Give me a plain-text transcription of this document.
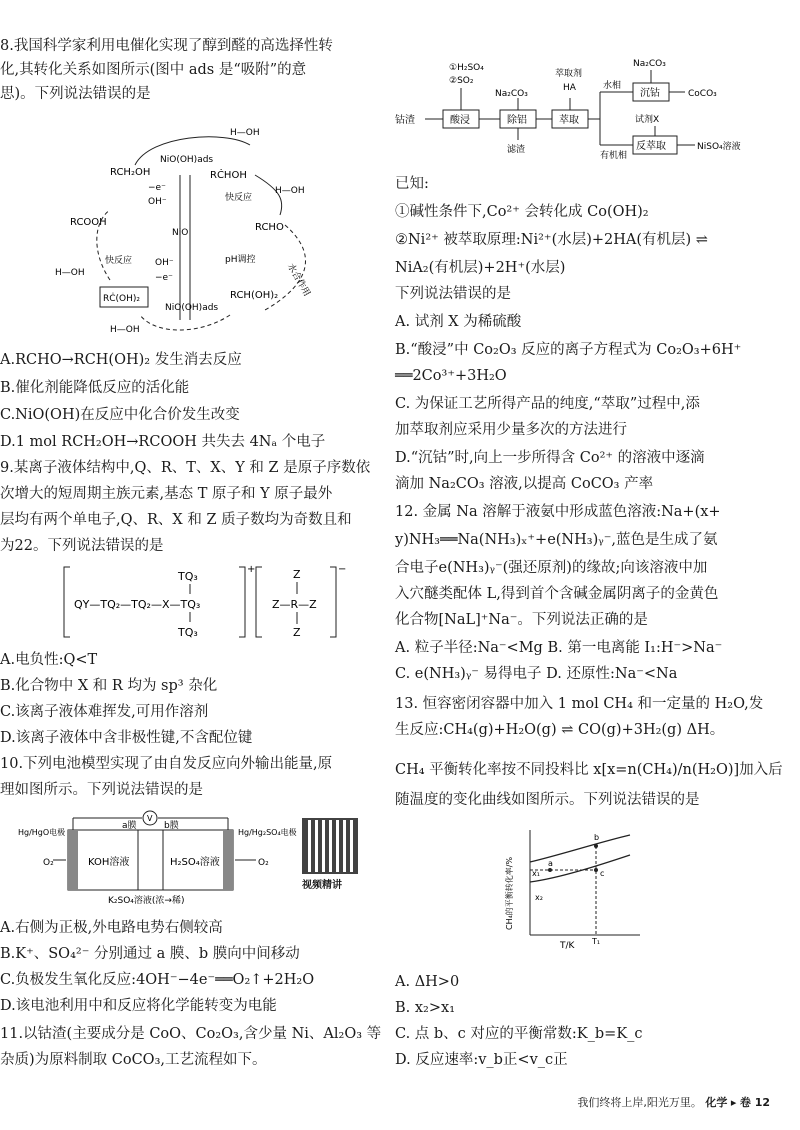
8.我国科学家利用电催化实现了醇到醛的高选择性转
化,其转化关系如图所示(图中 ads 是“吸附”的意
思)。下列说法错误的是
NiO(OH)ads
RCH₂OH	RĊHOH
H—OH
H—OH
−e⁻
OH⁻	快反应
NiO	RCHO
RCOOH
快反应
H—OH
OH⁻
−e⁻
pH调控
水合作用
RĊ(OH)₂	RCH(OH)₂
NiO(OH)ads
H—OH
A.RCHO→RCH(OH)₂ 发生消去反应
B.催化剂能降低反应的活化能
C.NiO(OH)在反应中化合价发生改变
D.1 mol RCH₂OH→RCOOH 共失去 4Nₐ 个电子
9.某离子液体结构中,Q、R、T、X、Y 和 Z 是原子序数依
次增大的短周期主族元素,基态 T 原子和 Y 原子最外
层均有两个单电子,Q、R、X 和 Z 质子数均为奇数且和
为22。下列说法错误的是
TQ₃
QY—TQ₂—TQ₂—X—TQ₃
TQ₃
+	Z
Z—R—Z
Z
−
A.电负性:Q<T
B.化合物中 X 和 R 均为 sp³ 杂化
C.该离子液体难挥发,可用作溶剂
D.该离子液体中含非极性键,不含配位键
10.下列电池模型实现了由自发反应向外输出能量,原
理如图所示。下列说法错误的是
V
Hg/HgO电极	Hg/Hg₂SO₄电极
a膜	b膜
KOH溶液	H₂SO₄溶液
K₂SO₄溶液(浓→稀)
O₂	O₂
视频精讲
A.右侧为正极,外电路电势右侧较高
B.K⁺、SO₄²⁻ 分别通过 a 膜、b 膜向中间移动
C.负极发生氧化反应:4OH⁻−4e⁻══O₂↑+2H₂O
D.该电池利用中和反应将化学能转变为电能
11.以钴渣(主要成分是 CoO、Co₂O₃,含少量 Ni、Al₂O₃ 等
杂质)为原料制取 CoCO₃,工艺流程如下。
①H₂SO₄
②SO₂
Na₂CO₃
萃取剂
HA
Na₂CO₃
钴渣	酸浸	除铝	萃取
滤渣
水相
沉钴	CoCO₃
试剂X
有机相
反萃取	NiSO₄溶液
已知:
①碱性条件下,Co²⁺ 会转化成 Co(OH)₂
②Ni²⁺ 被萃取原理:Ni²⁺(水层)+2HA(有机层) ⇌
NiA₂(有机层)+2H⁺(水层)
下列说法错误的是
A. 试剂 X 为稀硫酸
B.“酸浸”中 Co₂O₃ 反应的离子方程式为 Co₂O₃+6H⁺
══2Co³⁺+3H₂O
C. 为保证工艺所得产品的纯度,“萃取”过程中,添
加萃取剂应采用少量多次的方法进行
D.“沉钴”时,向上一步所得含 Co²⁺ 的溶液中逐滴
滴加 Na₂CO₃ 溶液,以提高 CoCO₃ 产率
12. 金属 Na 溶解于液氨中形成蓝色溶液:Na+(x+
y)NH₃══Na(NH₃)ₓ⁺+e(NH₃)ᵧ⁻,蓝色是生成了氨
合电子e(NH₃)ᵧ⁻(强还原剂)的缘故;向该溶液中加
入穴醚类配体 L,得到首个含碱金属阴离子的金黄色
化合物[NaL]⁺Na⁻。下列说法正确的是
A. 粒子半径:Na⁻<Mg B. 第一电离能 I₁:H⁻>Na⁻
C. e(NH₃)ᵧ⁻ 易得电子 D. 还原性:Na⁻<Na
13. 恒容密闭容器中加入 1 mol CH₄ 和一定量的 H₂O,发
生反应:CH₄(g)+H₂O(g) ⇌ CO(g)+3H₂(g) ΔH。
CH₄ 平衡转化率按不同投料比 x[x=n(CH₄)/n(H₂O)]加入后
随温度的变化曲线如图所示。下列说法错误的是
CH₄的平衡转化率/%
T/K T₁
x₁
x₂
a
b
c
A. ΔH>0
B. x₂>x₁
C. 点 b、c 对应的平衡常数:K_b=K_c
D. 反应速率:v_b正<v_c正
我们终将上岸,阳光万里。 化学 ▸ 卷 12
